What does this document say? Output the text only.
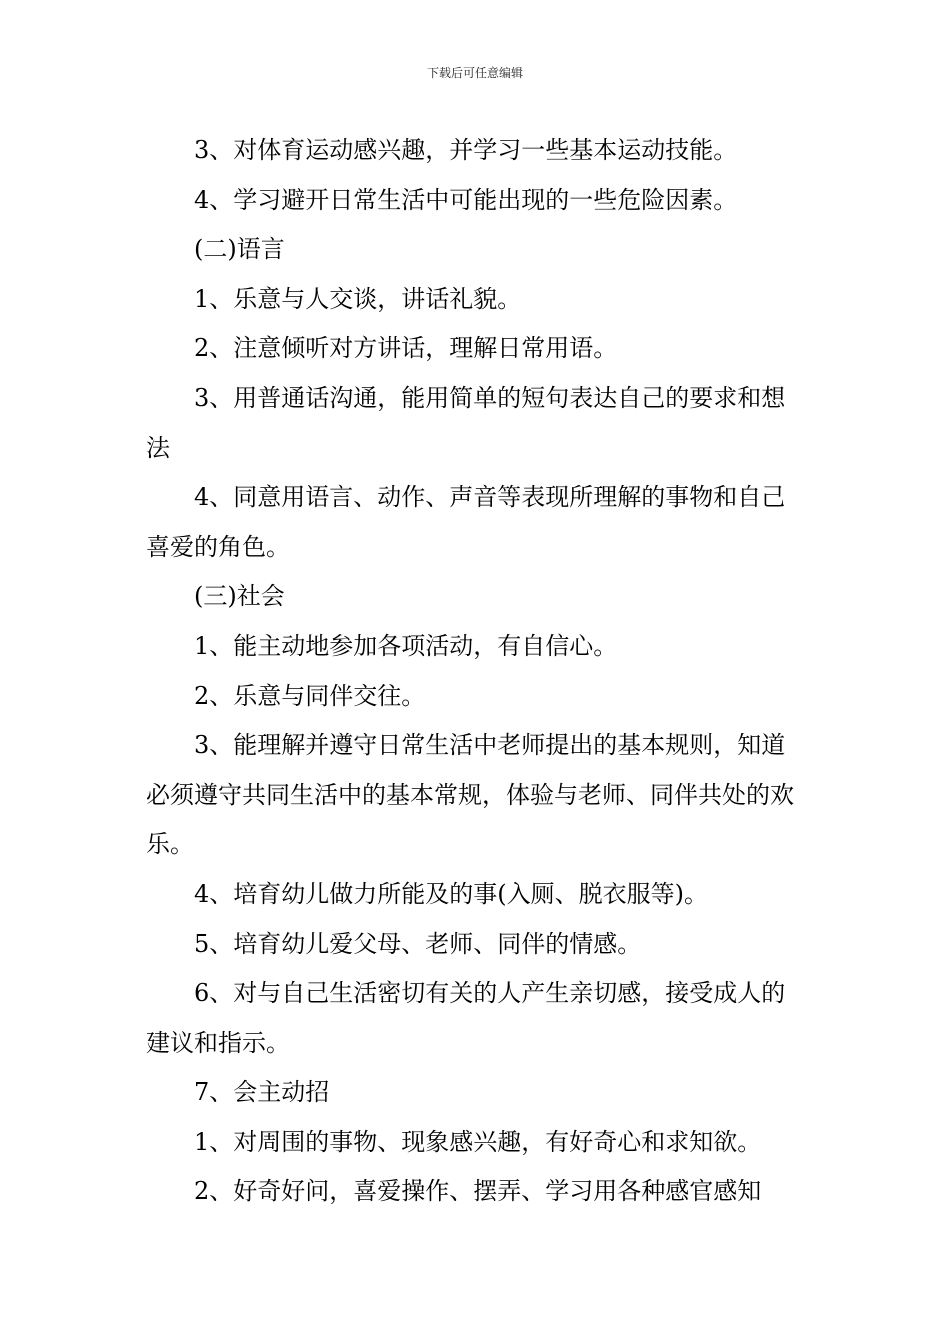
下载后可任意编辑

3、对体育运动感兴趣，并学习一些基本运动技能。

4、学习避开日常生活中可能出现的一些危险因素。

(二)语言

1、乐意与人交谈，讲话礼貌。

2、注意倾听对方讲话，理解日常用语。

3、用普通话沟通，能用简单的短句表达自己的要求和想法

4、同意用语言、动作、声音等表现所理解的事物和自己喜爱的角色。

(三)社会

1、能主动地参加各项活动，有自信心。

2、乐意与同伴交往。

3、能理解并遵守日常生活中老师提出的基本规则，知道必须遵守共同生活中的基本常规，体验与老师、同伴共处的欢乐。

4、培育幼儿做力所能及的事(入厕、脱衣服等)。

5、培育幼儿爱父母、老师、同伴的情感。

6、对与自己生活密切有关的人产生亲切感，接受成人的建议和指示。

7、会主动招

1、对周围的事物、现象感兴趣，有好奇心和求知欲。

2、好奇好问，喜爱操作、摆弄、学习用各种感官感知
